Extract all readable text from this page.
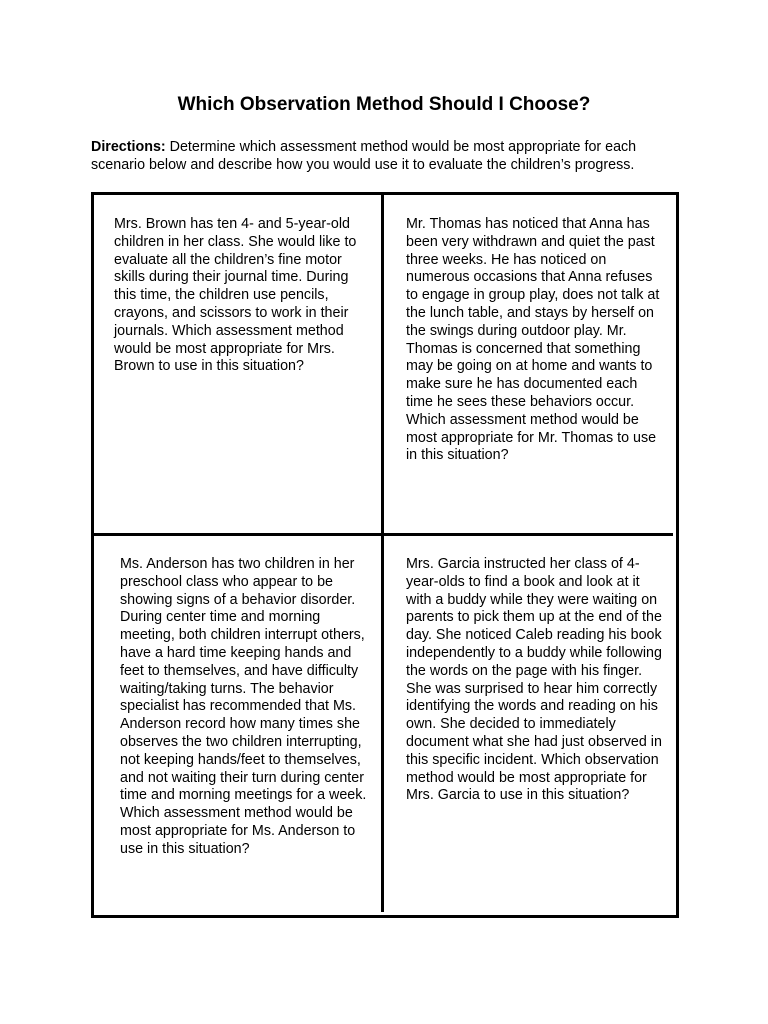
Which Observation Method Should I Choose?

Directions: Determine which assessment method would be most appropriate for each scenario below and describe how you would use it to evaluate the children’s progress.

Mrs. Brown has ten 4- and 5-year-old children in her class. She would like to evaluate all the children’s fine motor skills during their journal time. During this time, the children use pencils, crayons, and scissors to work in their journals. Which assessment method would be most appropriate for Mrs. Brown to use in this situation?

Mr. Thomas has noticed that Anna has been very withdrawn and quiet the past three weeks. He has noticed on numerous occasions that Anna refuses to engage in group play, does not talk at the lunch table, and stays by herself on the swings during outdoor play. Mr. Thomas is concerned that something may be going on at home and wants to make sure he has documented each time he sees these behaviors occur. Which assessment method would be most appropriate for Mr. Thomas to use in this situation?

Ms. Anderson has two children in her preschool class who appear to be showing signs of a behavior disorder. During center time and morning meeting, both children interrupt others, have a hard time keeping hands and feet to themselves, and have difficulty waiting/taking turns. The behavior specialist has recommended that Ms. Anderson record how many times she observes the two children interrupting, not keeping hands/feet to themselves, and not waiting their turn during center time and morning meetings for a week. Which assessment method would be most appropriate for Ms. Anderson to use in this situation?

Mrs. Garcia instructed her class of 4-year-olds to find a book and look at it with a buddy while they were waiting on parents to pick them up at the end of the day. She noticed Caleb reading his book independently to a buddy while following the words on the page with his finger. She was surprised to hear him correctly identifying the words and reading on his own. She decided to immediately document what she had just observed in this specific incident. Which observation method would be most appropriate for Mrs. Garcia to use in this situation?
